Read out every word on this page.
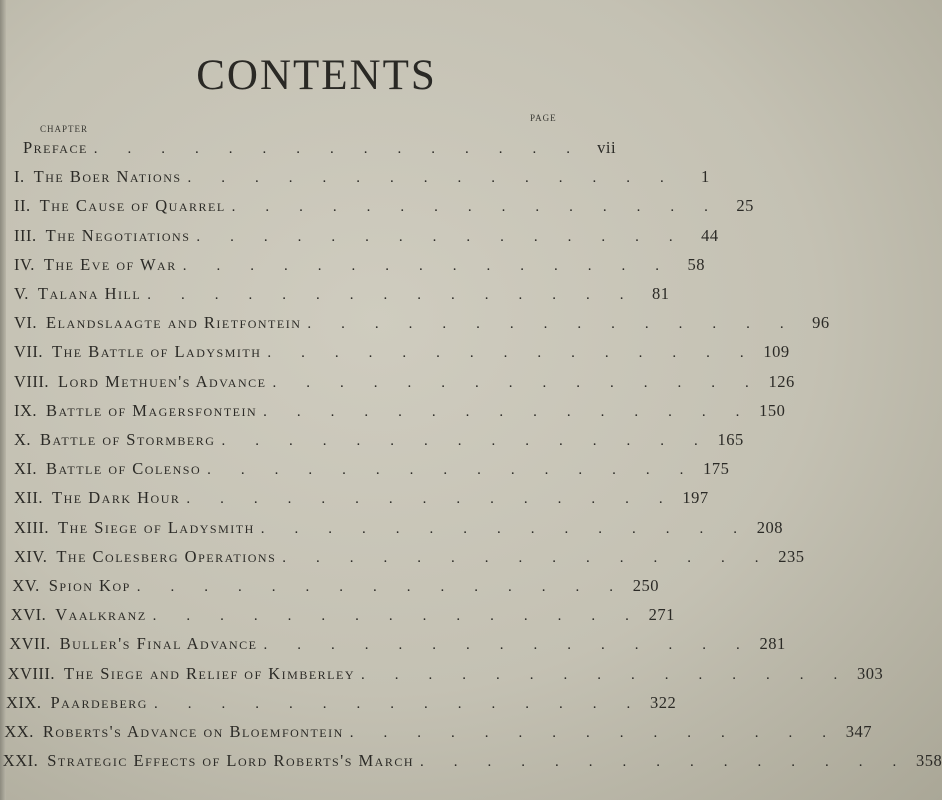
CONTENTS
CHAPTER
PAGE
Preface .        .        .        .        .        .        .        .        .        .        .        .        .        .        .	vii
I. The Boer Nations .        .        .        .        .        .        .        .        .        .        .        .        .        .        .	1
II. The Cause of Quarrel .        .        .        .        .        .        .        .        .        .        .        .        .        .        .	25
III. The Negotiations .        .        .        .        .        .        .        .        .        .        .        .        .        .        .	44
IV. The Eve of War .        .        .        .        .        .        .        .        .        .        .        .        .        .        .	58
V. Talana Hill .        .        .        .        .        .        .        .        .        .        .        .        .        .        .	81
VI. Elandslaagte and Rietfontein .        .        .        .        .        .        .        .        .        .        .        .        .        .        .	96
VII. The Battle of Ladysmith .        .        .        .        .        .        .        .        .        .        .        .        .        .        .	109
VIII. Lord Methuen's Advance .        .        .        .        .        .        .        .        .        .        .        .        .        .        .	126
IX. Battle of Magersfontein .        .        .        .        .        .        .        .        .        .        .        .        .        .        .	150
X. Battle of Stormberg .        .        .        .        .        .        .        .        .        .        .        .        .        .        .	165
XI. Battle of Colenso .        .        .        .        .        .        .        .        .        .        .        .        .        .        .	175
XII. The Dark Hour .        .        .        .        .        .        .        .        .        .        .        .        .        .        .	197
XIII. The Siege of Ladysmith .        .        .        .        .        .        .        .        .        .        .        .        .        .        .	208
XIV. The Colesberg Operations .        .        .        .        .        .        .        .        .        .        .        .        .        .        .	235
XV. Spion Kop .        .        .        .        .        .        .        .        .        .        .        .        .        .        .	250
XVI. Vaalkranz .        .        .        .        .        .        .        .        .        .        .        .        .        .        .	271
XVII. Buller's Final Advance .        .        .        .        .        .        .        .        .        .        .        .        .        .        .	281
XVIII. The Siege and Relief of Kimberley .        .        .        .        .        .        .        .        .        .        .        .        .        .        .	303
XIX. Paardeberg .        .        .        .        .        .        .        .        .        .        .        .        .        .        .	322
XX. Roberts's Advance on Bloemfontein .        .        .        .        .        .        .        .        .        .        .        .        .        .        .	347
XXI. Strategic Effects of Lord Roberts's March .        .        .        .        .        .        .        .        .        .        .        .        .        .        .	358
